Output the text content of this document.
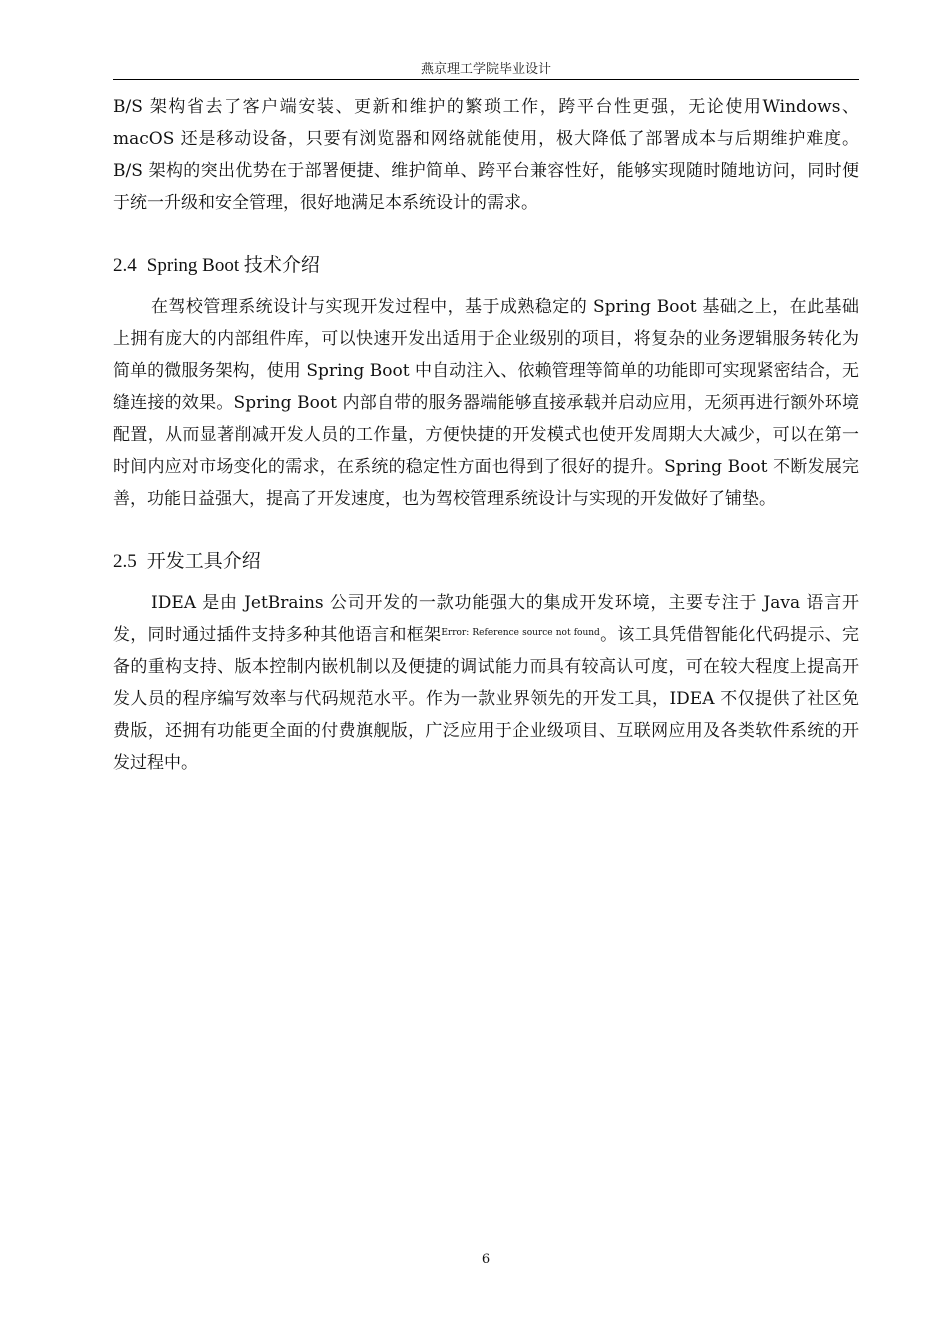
燕京理工学院毕业设计

B/S 架构省去了客户端安装、更新和维护的繁琐工作，跨平台性更强，无论使用Windows、macOS 还是移动设备，只要有浏览器和网络就能使用，极大降低了部署成本与后期维护难度。 B/S 架构的突出优势在于部署便捷、维护简单、跨平台兼容性好，能够实现随时随地访问，同时便于统一升级和安全管理，很好地满足本系统设计的需求。

2.4 Spring Boot 技术介绍

在驾校管理系统设计与实现开发过程中，基于成熟稳定的 Spring Boot 基础之上，在此基础上拥有庞大的内部组件库，可以快速开发出适用于企业级别的项目，将复杂的业务逻辑服务转化为简单的微服务架构，使用 Spring Boot 中自动注入、依赖管理等简单的功能即可实现紧密结合，无缝连接的效果。Spring Boot 内部自带的服务器端能够直接承载并启动应用，无须再进行额外环境配置，从而显著削减开发人员的工作量，方便快捷的开发模式也使开发周期大大减少，可以在第一时间内应对市场变化的需求，在系统的稳定性方面也得到了很好的提升。Spring Boot 不断发展完善，功能日益强大，提高了开发速度，也为驾校管理系统设计与实现的开发做好了铺垫。

2.5 开发工具介绍

IDEA 是由 JetBrains 公司开发的一款功能强大的集成开发环境，主要专注于 Java 语言开发，同时通过插件支持多种其他语言和框架$^{Error: Reference source not found}$。该工具凭借智能化代码提示、完备的重构支持、版本控制内嵌机制以及便捷的调试能力而具有较高认可度，可在较大程度上提高开发人员的程序编写效率与代码规范水平。作为一款业界领先的开发工具，IDEA 不仅提供了社区免费版，还拥有功能更全面的付费旗舰版，广泛应用于企业级项目、互联网应用及各类软件系统的开发过程中。

6
